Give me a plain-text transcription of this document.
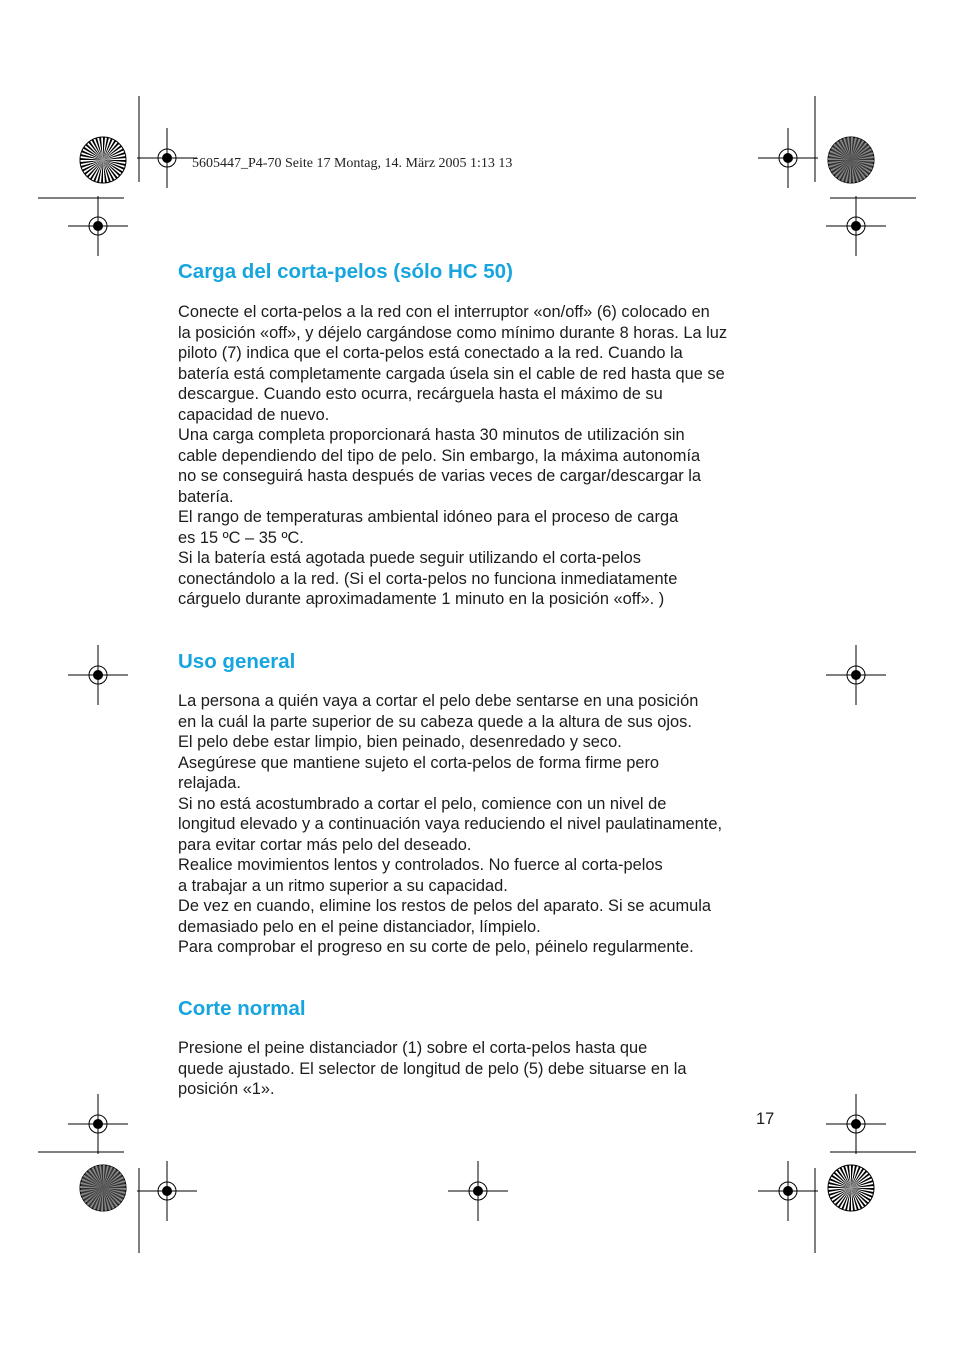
5605447_P4-70 Seite 17 Montag, 14. März 2005 1:13 13
Carga del corta-pelos (sólo HC 50)
Conecte el corta-pelos a la red con el interruptor «on/off» (6) colocado en
la posición «off», y déjelo cargándose como mínimo durante 8 horas. La luz
piloto (7) indica que el corta-pelos está conectado a la red. Cuando la
batería está completamente cargada úsela sin el cable de red hasta que se
descargue. Cuando esto ocurra, recárguela hasta el máximo de su
capacidad de nuevo.
Una carga completa proporcionará hasta 30 minutos de utilización sin
cable dependiendo del tipo de pelo. Sin embargo, la máxima autonomía
no se conseguirá hasta después de varias veces de cargar/descargar la
batería.
El rango de temperaturas ambiental idóneo para el proceso de carga
es 15 ºC – 35 ºC.
Si la batería está agotada puede seguir utilizando el corta-pelos
conectándolo a la red. (Si el corta-pelos no funciona inmediatamente
cárguelo durante aproximadamente 1 minuto en la posición «off». )
Uso general
La persona a quién vaya a cortar el pelo debe sentarse en una posición
en la cuál la parte superior de su cabeza quede a la altura de sus ojos.
El pelo debe estar limpio, bien peinado, desenredado y seco.
Asegúrese que mantiene sujeto el corta-pelos de forma firme pero
relajada.
Si no está acostumbrado a cortar el pelo, comience con un nivel de
longitud elevado y a continuación vaya reduciendo el nivel paulatinamente,
para evitar cortar más pelo del deseado.
Realice movimientos lentos y controlados. No fuerce al corta-pelos
a trabajar a un ritmo superior a su capacidad.
De vez en cuando, elimine los restos de pelos del aparato. Si se acumula
demasiado pelo en el peine distanciador, límpielo.
Para comprobar el progreso en su corte de pelo, péinelo regularmente.
Corte normal
Presione el peine distanciador (1) sobre el corta-pelos hasta que
quede ajustado. El selector de longitud de pelo (5) debe situarse en la
posición «1».
17
